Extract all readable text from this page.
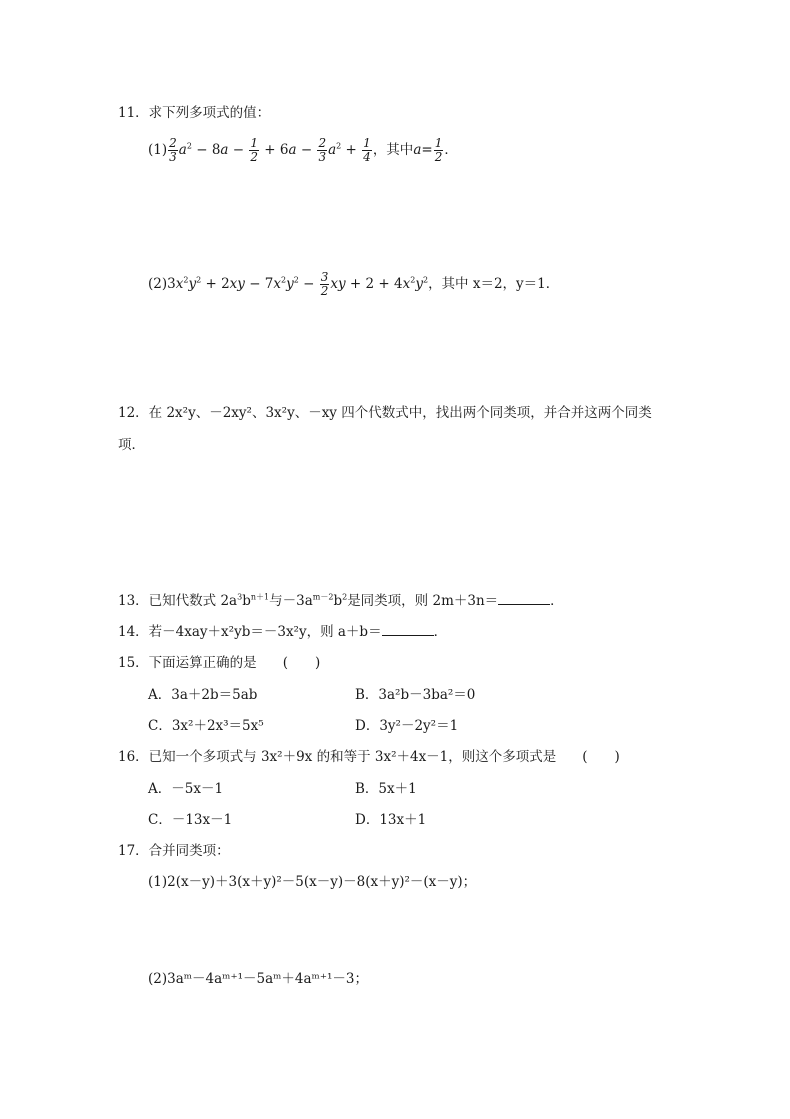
11．求下列多项式的值：
$(1) \frac{2}{3} a^2 - 8a - \frac{1}{2} + 6a - \frac{2}{3} a^2 + \frac{1}{4}$ ，其中$a= \frac{1}{2}$ ．
$(2)3x^2y^2 + 2xy - 7x^2y^2 - \frac{3}{2}$ xy + $2 + 4x^2y^2$，其中 x＝2，y＝1．
12．在 2x²y、－2xy²、3x²y、－xy 四个代数式中，找出两个同类项，并合并这两个同类
项．
13．已知代数式 $2a^3b^{n+1}$与$-3a^{m-2}b^2$是同类项，则 2m＋3n＝	．
14．若－4xay＋x²yb＝－3x²y，则 a＋b＝	．
15．下面运算正确的是 (　　)
A．3a＋2b＝5ab	B．3a²b－3ba²＝0
C．3x²＋2x³＝5x⁵	D．3y²－2y²＝1
16．已知一个多项式与 3x²＋9x 的和等于 3x²＋4x－1，则这个多项式是 (　　)
A．－5x－1	B．5x＋1
C．－13x－1	D．13x＋1
17．合并同类项：
(1)2(x－y)＋3(x＋y)²－5(x－y)－8(x＋y)²－(x－y)；
(2)3aᵐ－4aᵐ⁺¹－5aᵐ＋4aᵐ⁺¹－3；
